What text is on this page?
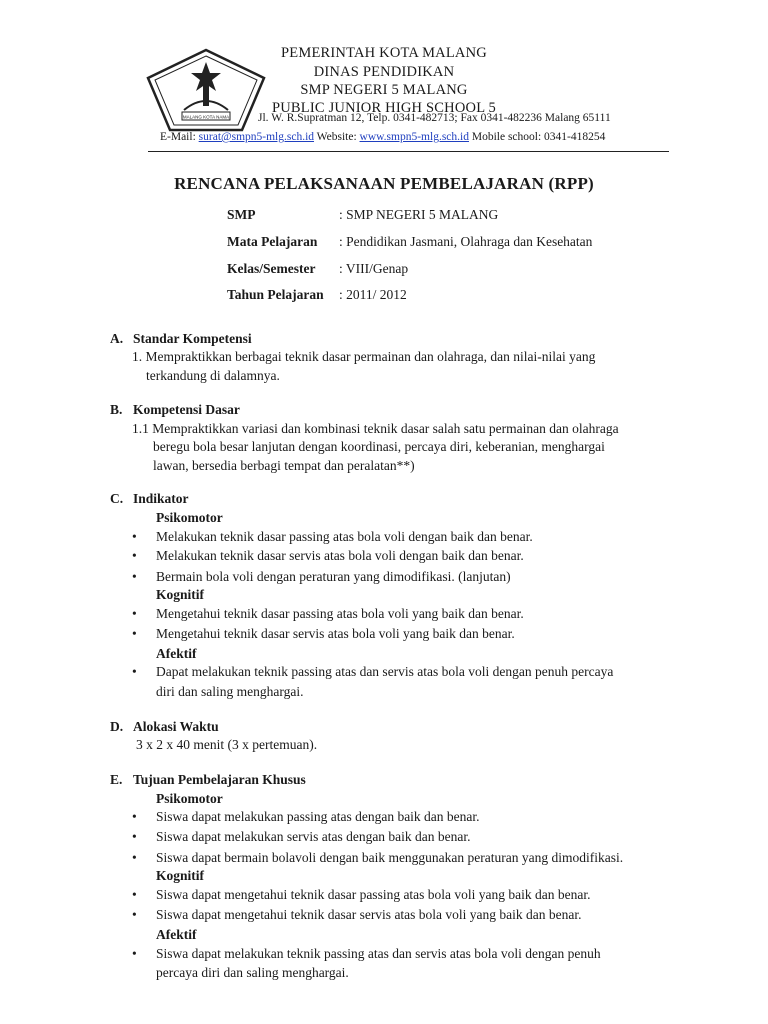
MALANG KOTA NAMA
PEMERINTAH KOTA MALANG
DINAS PENDIDIKAN
SMP NEGERI 5 MALANG
PUBLIC JUNIOR HIGH SCHOOL 5
Jl. W. R.Supratman 12, Telp. 0341-482713; Fax 0341-482236 Malang 65111
E-Mail: surat@smpn5-mlg.sch.id Website: www.smpn5-mlg.sch.id Mobile school: 0341-418254
RENCANA PELAKSANAAN PEMBELAJARAN (RPP)
SMP	: SMP NEGERI 5 MALANG
Mata Pelajaran : Pendidikan Jasmani, Olahraga dan Kesehatan
Kelas/Semester : VIII/Genap
Tahun Pelajaran : 2011/ 2012
A. Standar Kompetensi
1. Mempraktikkan berbagai teknik dasar permainan dan olahraga, dan nilai-nilai yang
terkandung di dalamnya.
B. Kompetensi Dasar
1.1 Mempraktikkan variasi dan kombinasi teknik dasar salah satu permainan dan olahraga
beregu bola besar lanjutan dengan koordinasi, percaya diri, keberanian, menghargai
lawan, bersedia berbagi tempat dan peralatan**)
C. Indikator
Psikomotor
• Melakukan teknik dasar passing atas bola voli dengan baik dan benar.
• Melakukan teknik dasar servis atas bola voli dengan baik dan benar.
• Bermain bola voli dengan peraturan yang dimodifikasi. (lanjutan)
Kognitif
• Mengetahui teknik dasar passing atas bola voli yang baik dan benar.
• Mengetahui teknik dasar servis atas bola voli yang baik dan benar.
Afektif
• Dapat melakukan teknik passing atas dan servis atas bola voli dengan penuh percaya
diri dan saling menghargai.
D. Alokasi Waktu
3 x 2 x 40 menit (3 x pertemuan).
E. Tujuan Pembelajaran Khusus
Psikomotor
• Siswa dapat melakukan passing atas dengan baik dan benar.
• Siswa dapat melakukan servis atas dengan baik dan benar.
• Siswa dapat bermain bolavoli dengan baik menggunakan peraturan yang dimodifikasi.
Kognitif
• Siswa dapat mengetahui teknik dasar passing atas bola voli yang baik dan benar.
• Siswa dapat mengetahui teknik dasar servis atas bola voli yang baik dan benar.
Afektif
• Siswa dapat melakukan teknik passing atas dan servis atas bola voli dengan penuh
percaya diri dan saling menghargai.
